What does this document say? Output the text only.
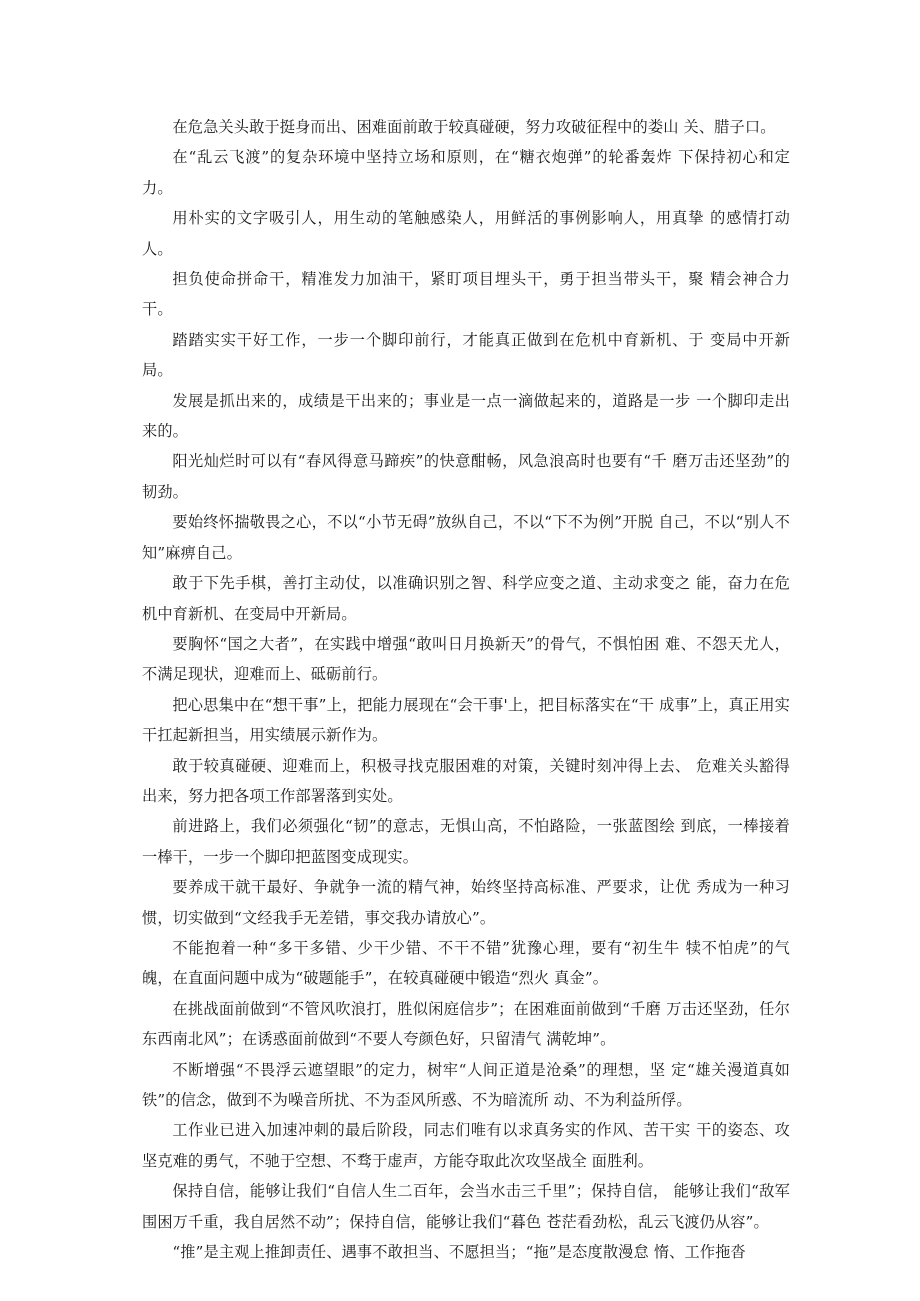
在危急关头敢于挺身而出、困难面前敢于较真碰硬，努力攻破征程中的娄山 关、腊子口。

在“乱云飞渡”的复杂环境中坚持立场和原则，在“糖衣炮弹”的轮番轰炸 下保持初心和定力。

用朴实的文字吸引人，用生动的笔触感染人，用鲜活的事例影响人，用真挚 的感情打动人。

担负使命拼命干，精准发力加油干，紧盯项目埋头干，勇于担当带头干，聚 精会神合力干。

踏踏实实干好工作，一步一个脚印前行，才能真正做到在危机中育新机、于 变局中开新局。

发展是抓出来的，成绩是干出来的；事业是一点一滴做起来的，道路是一步 一个脚印走出来的。

阳光灿烂时可以有“春风得意马蹄疾”的快意酣畅，风急浪高时也要有“千 磨万击还坚劲”的韧劲。

要始终怀揣敬畏之心，不以“小节无碍”放纵自己，不以“下不为例”开脱 自己，不以“别人不知”麻痹自己。

敢于下先手棋，善打主动仗，以准确识别之智、科学应变之道、主动求变之 能，奋力在危机中育新机、在变局中开新局。

要胸怀“国之大者”，在实践中增强“敢叫日月换新天”的骨气，不惧怕困 难、不怨天尤人，不满足现状，迎难而上、砥砺前行。

把心思集中在“想干事”上，把能力展现在“会干事'上，把目标落实在“干 成事”上，真正用实干扛起新担当，用实绩展示新作为。

敢于较真碰硬、迎难而上，积极寻找克服困难的对策，关键时刻冲得上去、 危难关头豁得出来，努力把各项工作部署落到实处。

前进路上，我们必须强化“韧”的意志，无惧山高，不怕路险，一张蓝图绘 到底，一棒接着一棒干，一步一个脚印把蓝图变成现实。

要养成干就干最好、争就争一流的精气神，始终坚持高标准、严要求，让优 秀成为一种习惯，切实做到“文经我手无差错，事交我办请放心”。

不能抱着一种“多干多错、少干少错、不干不错”犹豫心理，要有“初生牛 犊不怕虎”的气魄，在直面问题中成为“破题能手”，在较真碰硬中锻造“烈火 真金”。

在挑战面前做到“不管风吹浪打，胜似闲庭信步”；在困难面前做到“千磨 万击还坚劲，任尔东西南北风”；在诱惑面前做到“不要人夸颜色好，只留清气 满乾坤”。

不断增强“不畏浮云遮望眼”的定力，树牢“人间正道是沧桑”的理想，坚 定“雄关漫道真如铁”的信念，做到不为噪音所扰、不为歪风所惑、不为暗流所 动、不为利益所俘。

工作业已进入加速冲刺的最后阶段，同志们唯有以求真务实的作风、苦干实 干的姿态、攻坚克难的勇气，不驰于空想、不骛于虚声，方能夺取此次攻坚战全 面胜利。

保持自信，能够让我们“自信人生二百年，会当水击三千里”；保持自信， 能够让我们“敌军围困万千重，我自居然不动”；保持自信，能够让我们“暮色 苍茫看劲松，乱云飞渡仍从容”。

“推”是主观上推卸责任、遇事不敢担当、不愿担当；“拖”是态度散漫怠 惰、工作拖沓
